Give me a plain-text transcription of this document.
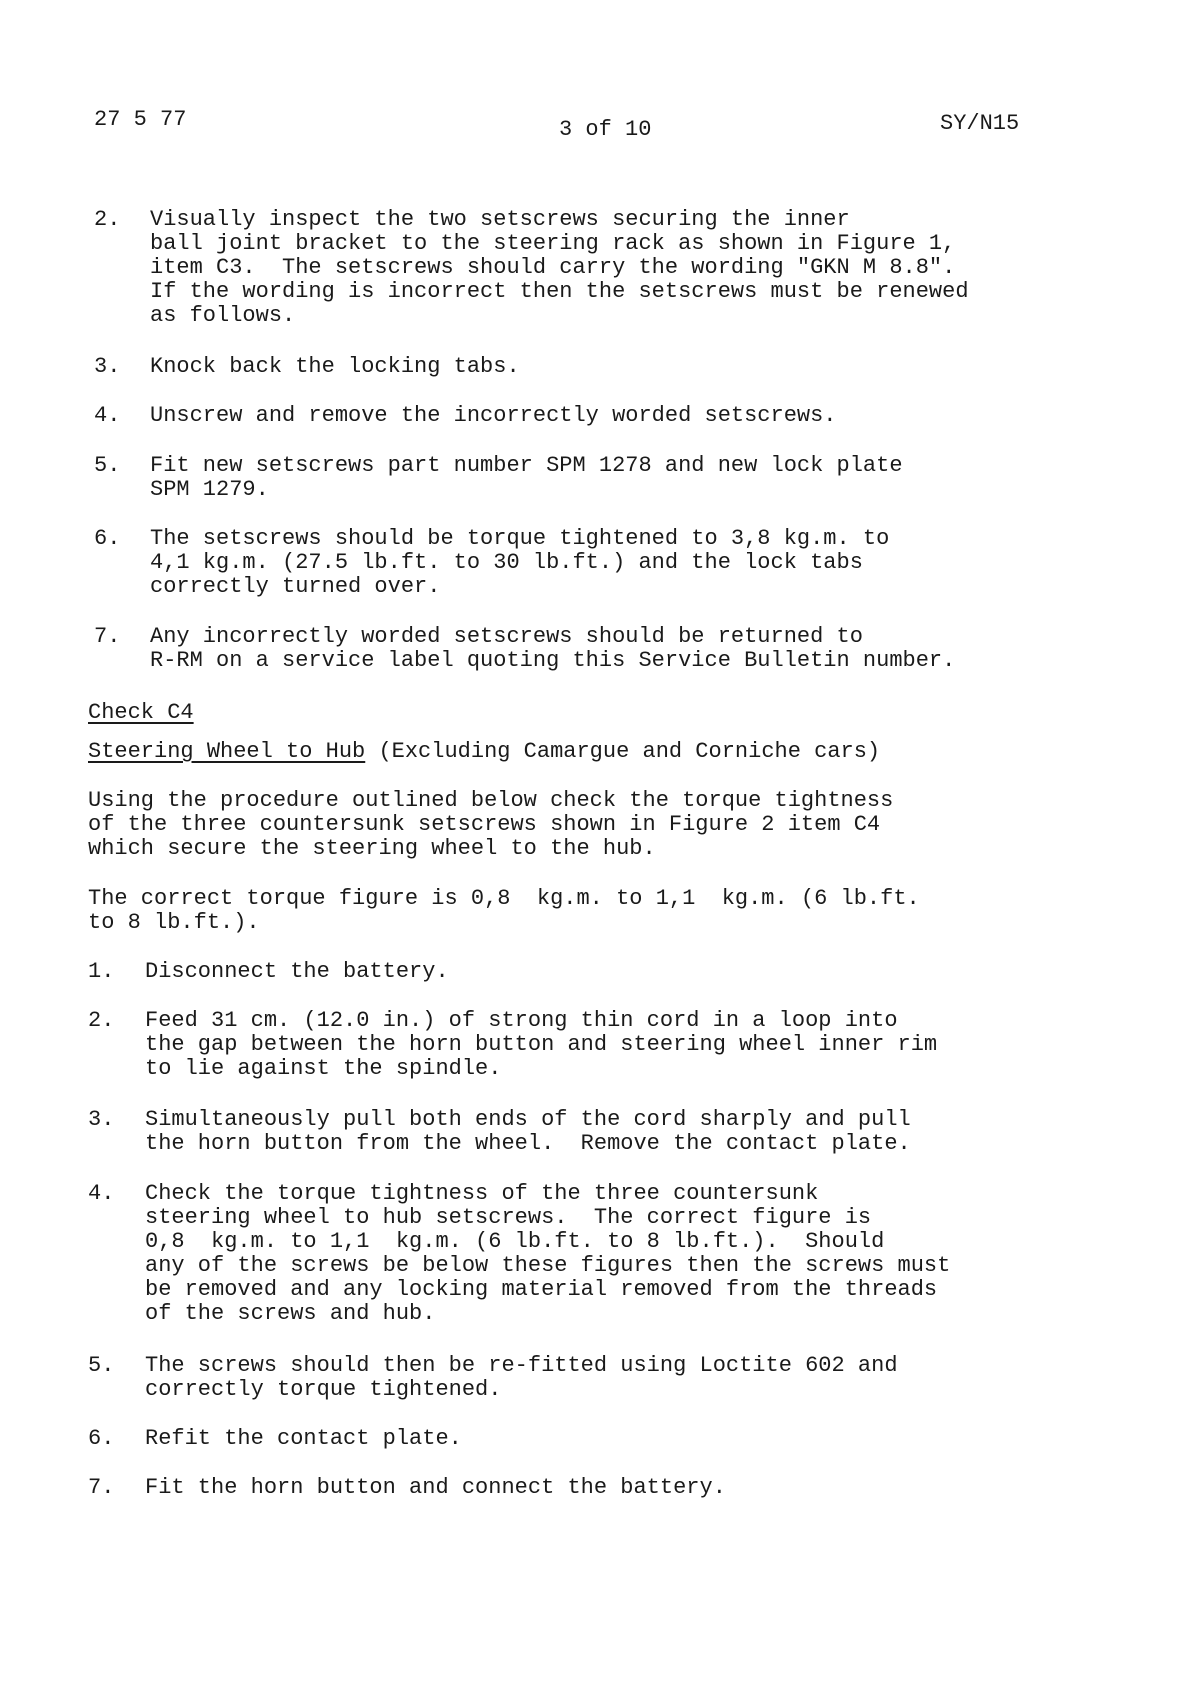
27 5 77	3 of 10	SY/N15

2.

Visually inspect the two setscrews securing the inner
ball joint bracket to the steering rack as shown in Figure 1,
item C3.  The setscrews should carry the wording "GKN M 8.8".
If the wording is incorrect then the setscrews must be renewed
as follows.

3.

Knock back the locking tabs.

4.

Unscrew and remove the incorrectly worded setscrews.

5.

Fit new setscrews part number SPM 1278 and new lock plate
SPM 1279.

6.

The setscrews should be torque tightened to 3,8 kg.m. to
4,1 kg.m. (27.5 lb.ft. to 30 lb.ft.) and the lock tabs
correctly turned over.

7.

Any incorrectly worded setscrews should be returned to
R-RM on a service label quoting this Service Bulletin number.

Check C4
Steering Wheel to Hub (Excluding Camargue and Corniche cars)
Using the procedure outlined below check the torque tightness
of the three countersunk setscrews shown in Figure 2 item C4
which secure the steering wheel to the hub.
The correct torque figure is 0,8  kg.m. to 1,1  kg.m. (6 lb.ft.
to 8 lb.ft.).

1.

Disconnect the battery.

2.

Feed 31 cm. (12.0 in.) of strong thin cord in a loop into
the gap between the horn button and steering wheel inner rim
to lie against the spindle.

3.

Simultaneously pull both ends of the cord sharply and pull
the horn button from the wheel.  Remove the contact plate.

4.

Check the torque tightness of the three countersunk
steering wheel to hub setscrews.  The correct figure is
0,8  kg.m. to 1,1  kg.m. (6 lb.ft. to 8 lb.ft.).  Should
any of the screws be below these figures then the screws must
be removed and any locking material removed from the threads
of the screws and hub.

5.

The screws should then be re-fitted using Loctite 602 and
correctly torque tightened.

6.

Refit the contact plate.

7.

Fit the horn button and connect the battery.
